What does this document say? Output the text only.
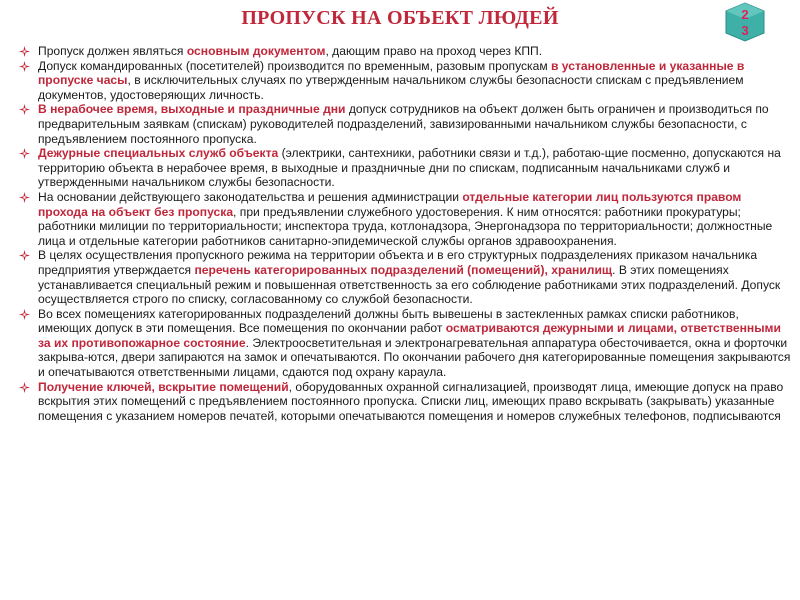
ПРОПУСК НА ОБЪЕКТ ЛЮДЕЙ	2
3
Пропуск должен являться основным документом, дающим право на проход через КПП.
Допуск командированных (посетителей) производится по временным, разовым пропускам в установленные и указанные в пропуске часы, в исключительных случаях по утвержденным начальником службы безопасности спискам с предъявлением документов, удостоверяющих личность.
В нерабочее время, выходные и праздничные дни допуск сотрудников на объект должен быть ограничен и производиться по предварительным заявкам (спискам) руководителей подразделений, завизированными начальником службы безопасности, с предъявлением постоянного пропуска.
Дежурные специальных служб объекта (электрики, сантехники, работники связи и т.д.), работаю-щие посменно, допускаются на территорию объекта в нерабочее время, в выходные и праздничные дни по спискам, подписанным начальниками служб и утвержденными начальником службы безопасности.
На основании действующего законодательства и решения администрации отдельные категории лиц пользуются правом прохода на объект без пропуска, при предъявлении служебного удостоверения. К ним относятся: работники прокуратуры; работники милиции по территориальности; инспектора труда, котлонадзора, Энергонадзора по территориальности; должностные лица и отдельные категории работников санитарно-эпидемической службы органов здравоохранения.
В целях осуществления пропускного режима на территории объекта и в его структурных подразделениях приказом начальника предприятия утверждается перечень категорированных подразделений (помещений), хранилищ. В этих помещениях устанавливается специальный режим и повышенная ответственность за его соблюдение работниками этих подразделений. Допуск осуществляется строго по списку, согласованному со службой безопасности.
Во всех помещениях категорированных подразделений должны быть вывешены в застекленных рамках списки работников, имеющих допуск в эти помещения. Все помещения по окончании работ осматриваются дежурными и лицами, ответственными за их противопожарное состояние. Электроосветительная и электронагревательная аппаратура обесточивается, окна и форточки закрыва-ются, двери запираются на замок и опечатываются. По окончании рабочего дня категорированные помещения закрываются и опечатываются ответственными лицами, сдаются под охрану караула.
Получение ключей, вскрытие помещений, оборудованных охранной сигнализацией, производят лица, имеющие допуск на право вскрытия этих помещений с предъявлением постоянного пропуска. Списки лиц, имеющих право вскрывать (закрывать) указанные помещения с указанием номеров печатей, которыми опечатываются помещения и номеров служебных телефонов, подписываются
